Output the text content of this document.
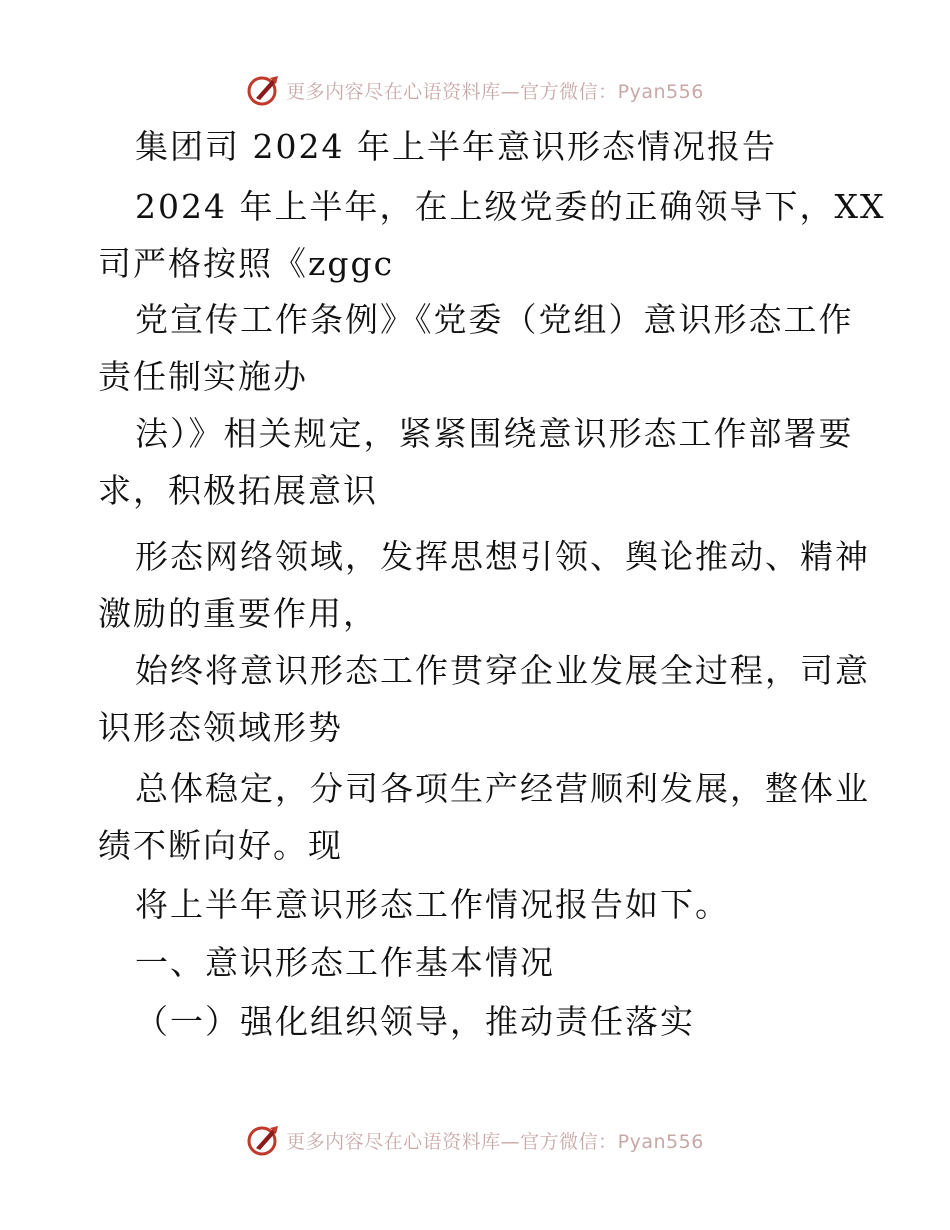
更多内容尽在心语资料库—官方微信：Pyan556
集团司 2024 年上半年意识形态情况报告
2024 年上半年，在上级党委的正确领导下，XX
司严格按照《zggc
党宣传工作条例》《党委（党组）意识形态工作
责任制实施办
法）》相关规定，紧紧围绕意识形态工作部署要
求，积极拓展意识
形态网络领域，发挥思想引领、舆论推动、精神
激励的重要作用，
始终将意识形态工作贯穿企业发展全过程，司意
识形态领域形势
总体稳定，分司各项生产经营顺利发展，整体业
绩不断向好。现
将上半年意识形态工作情况报告如下。
一、意识形态工作基本情况
（一）强化组织领导，推动责任落实
更多内容尽在心语资料库—官方微信：Pyan556
